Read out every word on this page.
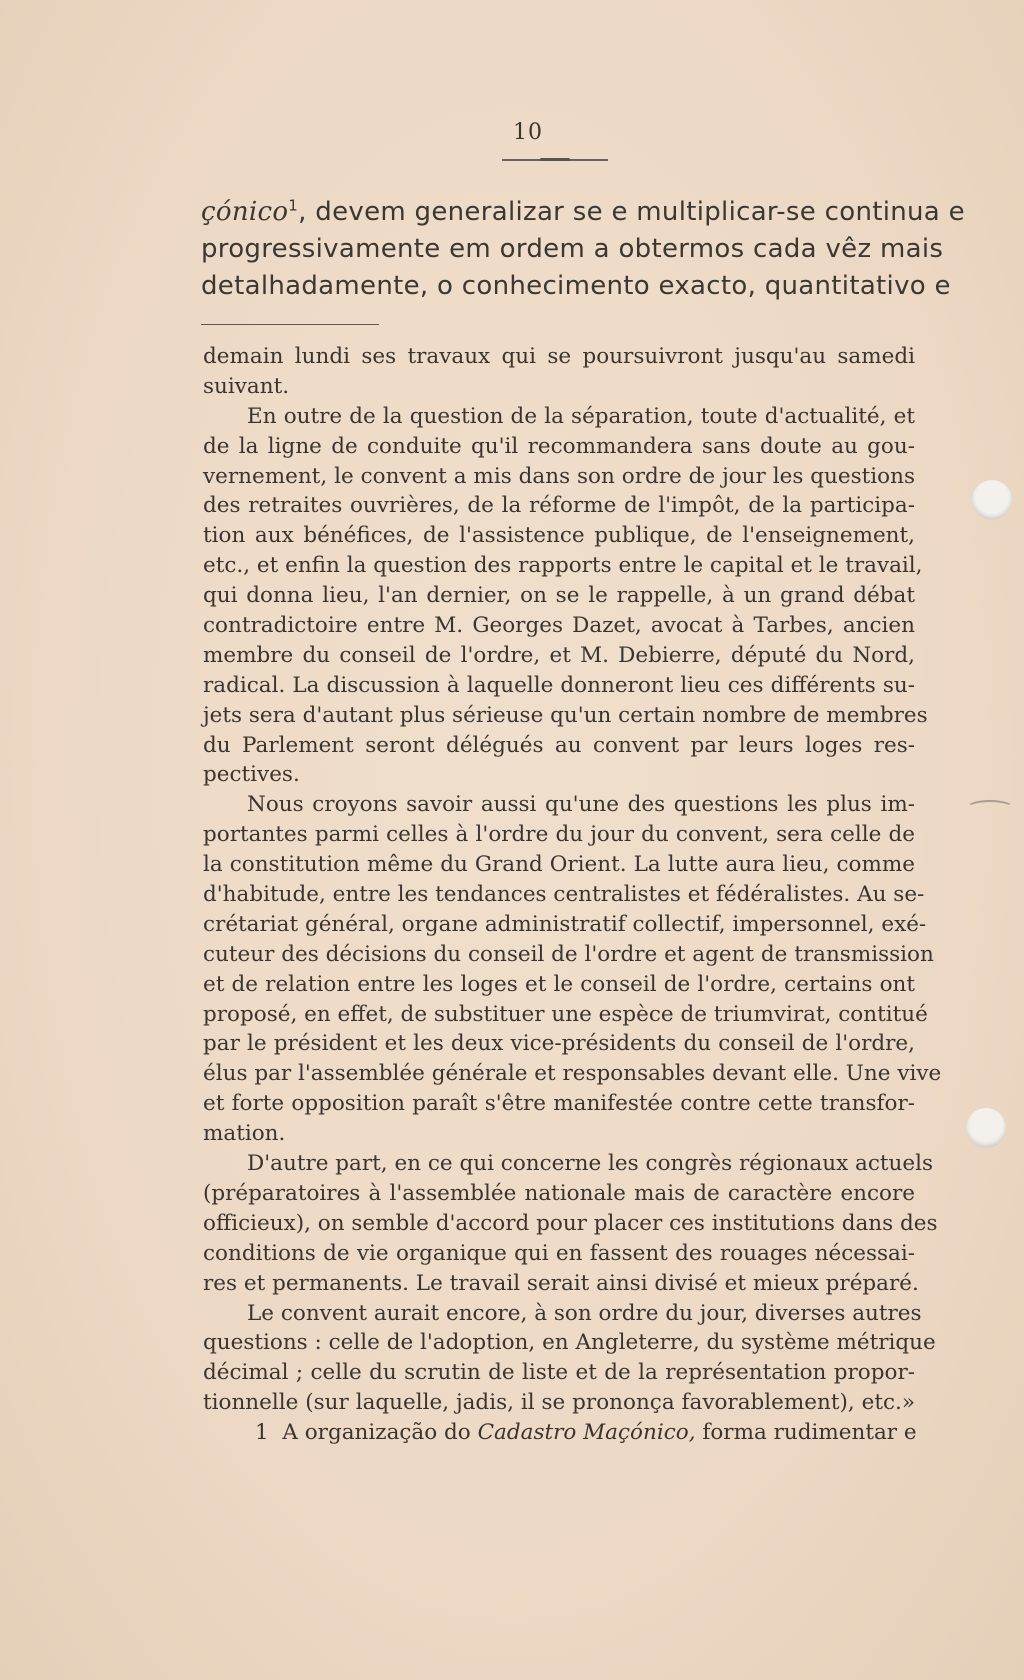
10
çónico$^1$, devem generalizar se e multiplicar-se continua e
progressivamente em ordem a obtermos cada vêz mais
detalhadamente, o conhecimento exacto, quantitativo e
demain lundi ses travaux qui se poursuivront jusqu'au samedi
suivant.
En outre de la question de la séparation, toute d'actualité, et
de la ligne de conduite qu'il recommandera sans doute au gou-
vernement, le convent a mis dans son ordre de jour les questions
des retraites ouvrières, de la réforme de l'impôt, de la participa-
tion aux bénéfices, de l'assistence publique, de l'enseignement,
etc., et enfin la question des rapports entre le capital et le travail,
qui donna lieu, l'an dernier, on se le rappelle, à un grand débat
contradictoire entre M. Georges Dazet, avocat à Tarbes, ancien
membre du conseil de l'ordre, et M. Debierre, député du Nord,
radical. La discussion à laquelle donneront lieu ces différents su-
jets sera d'autant plus sérieuse qu'un certain nombre de membres
du Parlement seront délégués au convent par leurs loges res-
pectives.
Nous croyons savoir aussi qu'une des questions les plus im-
portantes parmi celles à l'ordre du jour du convent, sera celle de
la constitution même du Grand Orient. La lutte aura lieu, comme
d'habitude, entre les tendances centralistes et fédéralistes. Au se-
crétariat général, organe administratif collectif, impersonnel, exé-
cuteur des décisions du conseil de l'ordre et agent de transmission
et de relation entre les loges et le conseil de l'ordre, certains ont
proposé, en effet, de substituer une espèce de triumvirat, contitué
par le président et les deux vice-présidents du conseil de l'ordre,
élus par l'assemblée générale et responsables devant elle. Une vive
et forte opposition paraît s'être manifestée contre cette transfor-
mation.
D'autre part, en ce qui concerne les congrès régionaux actuels
(préparatoires à l'assemblée nationale mais de caractère encore
officieux), on semble d'accord pour placer ces institutions dans des
conditions de vie organique qui en fassent des rouages nécessai-
res et permanents. Le travail serait ainsi divisé et mieux préparé.
Le convent aurait encore, à son ordre du jour, diverses autres
questions : celle de l'adoption, en Angleterre, du système métrique
décimal ; celle du scrutin de liste et de la représentation propor-
tionnelle (sur laquelle, jadis, il se prononça favorablement), etc.»
1 A organização do Cadastro Maçónico, forma rudimentar e
